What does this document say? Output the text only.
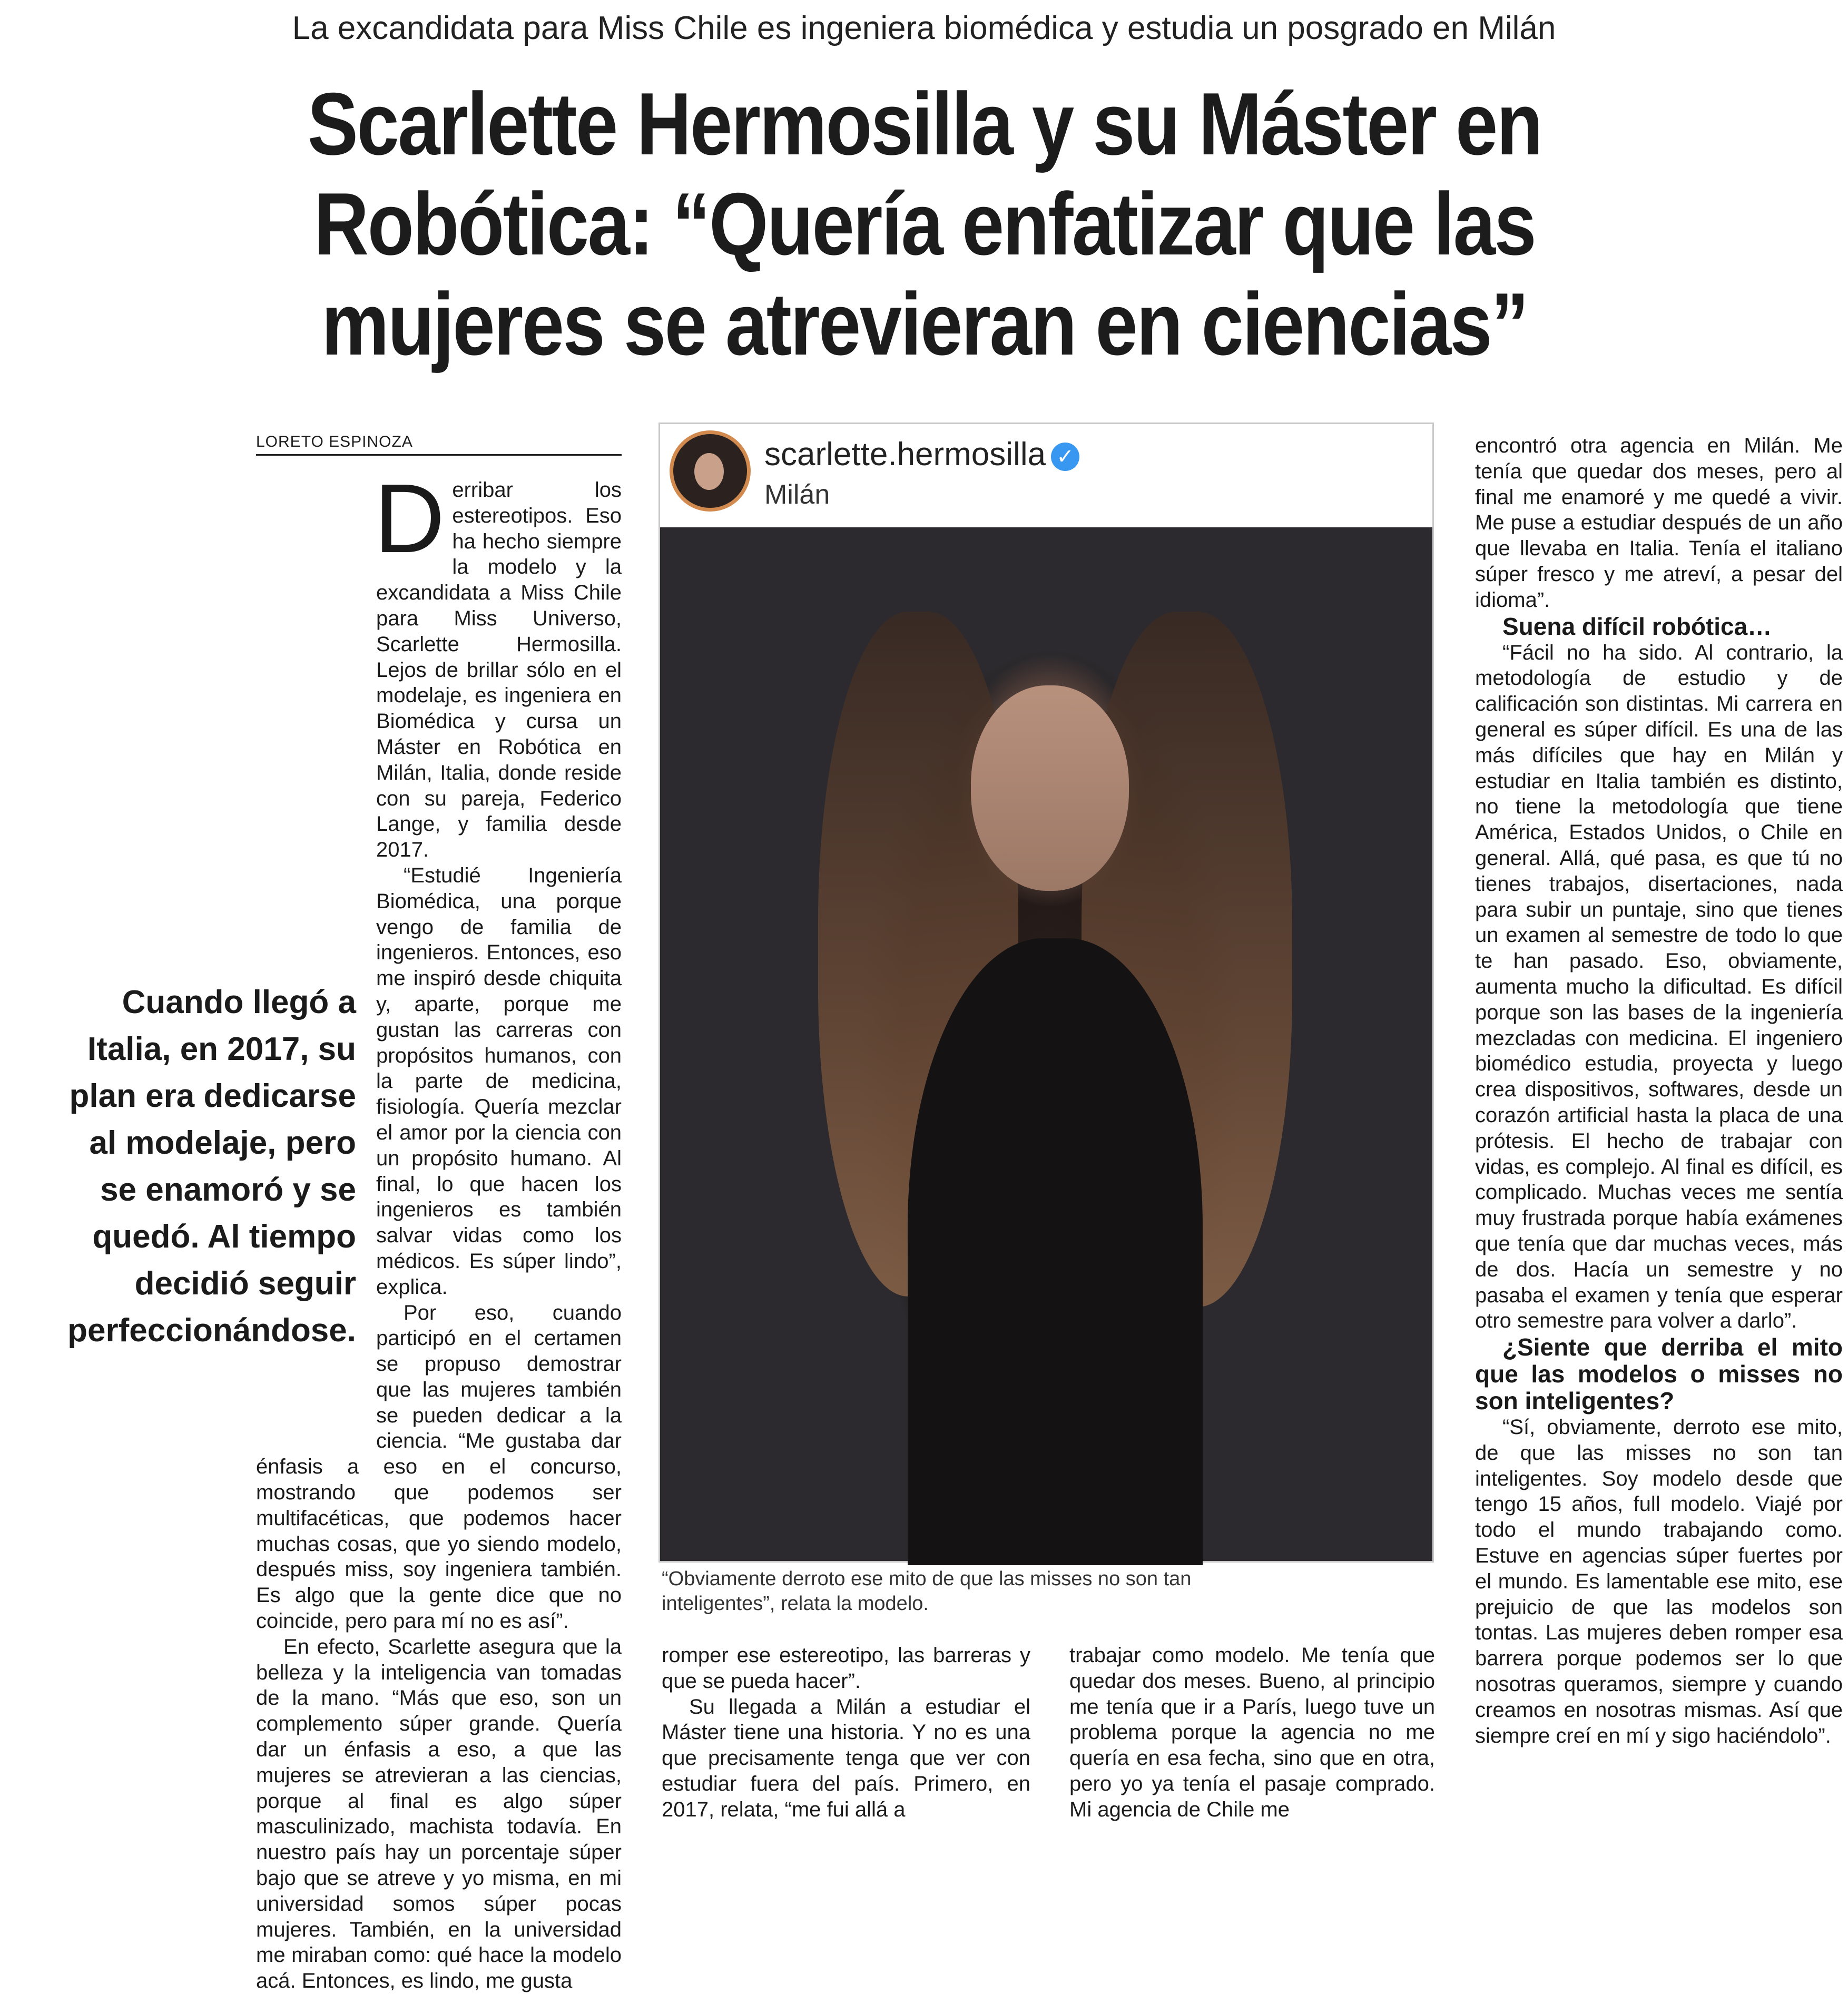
La excandidata para Miss Chile es ingeniera biomédica y estudia un posgrado en Milán
Scarlette Hermosilla y su Máster en
Robótica: “Quería enfatizar que las
mujeres se atrevieran en ciencias”
LORETO ESPINOZA

Derribar los estereotipos. Eso ha hecho siempre la modelo y la excandidata a Miss Chile para Miss Universo, Scarlette Hermosilla. Lejos de brillar sólo en el modelaje, es ingeniera en Biomédica y cursa un Máster en Robótica en Milán, Italia, donde reside con su pareja, Federico Lange, y familia desde 2017.

“Estudié Ingeniería Biomédica, una porque vengo de familia de ingenieros. Entonces, eso me inspiró desde chiquita y, aparte, porque me gustan las carreras con propósitos humanos, con la parte de medicina, fisiología. Quería mezclar el amor por la ciencia con un propósito humano. Al final, lo que hacen los ingenieros es también salvar vidas como los médicos. Es súper lindo”, explica.

Por eso, cuando participó en el certamen se propuso demostrar que las mujeres también se pueden dedicar a la ciencia. “Me gustaba dar énfasis a eso en el concurso, mostrando que podemos ser multifacéticas, que podemos hacer muchas cosas, que yo siendo modelo, después miss, soy ingeniera también. Es algo que la gente dice que no coincide, pero para mí no es así”.

En efecto, Scarlette asegura que la belleza y la inteligencia van tomadas de la mano. “Más que eso, son un complemento súper grande. Quería dar un énfasis a eso, a que las mujeres se atrevieran a las ciencias, porque al final es algo súper masculinizado, machista todavía. En nuestro país hay un porcentaje súper bajo que se atreve y yo misma, en mi universidad somos súper pocas mujeres. También, en la universidad me miraban como: qué hace la modelo acá. Entonces, es lindo, me gusta

Cuando llegó a Italia, en 2017, su plan era dedicarse al modelaje, pero se enamoró y se quedó. Al tiempo decidió seguir perfeccionándose.
scarlette.hermosilla ✓
Milán
“Obviamente derroto ese mito de que las misses no son tan inteligentes”, relata la modelo.

romper ese estereotipo, las barreras y que se pueda hacer”.

Su llegada a Milán a estudiar el Máster tiene una historia. Y no es una que precisamente tenga que ver con estudiar fuera del país. Primero, en 2017, relata, “me fui allá a

trabajar como modelo. Me tenía que quedar dos meses. Bueno, al principio me tenía que ir a París, luego tuve un problema porque la agencia no me quería en esa fecha, sino que en otra, pero yo ya tenía el pasaje comprado. Mi agencia de Chile me

encontró otra agencia en Milán. Me tenía que quedar dos meses, pero al final me enamoré y me quedé a vivir. Me puse a estudiar después de un año que llevaba en Italia. Tenía el italiano súper fresco y me atreví, a pesar del idioma”.

Suena difícil robótica…

“Fácil no ha sido. Al contrario, la metodología de estudio y de calificación son distintas. Mi carrera en general es súper difícil. Es una de las más difíciles que hay en Milán y estudiar en Italia también es distinto, no tiene la metodología que tiene América, Estados Unidos, o Chile en general. Allá, qué pasa, es que tú no tienes trabajos, disertaciones, nada para subir un puntaje, sino que tienes un examen al semestre de todo lo que te han pasado. Eso, obviamente, aumenta mucho la dificultad. Es difícil porque son las bases de la ingeniería mezcladas con medicina. El ingeniero biomédico estudia, proyecta y luego crea dispositivos, softwares, desde un corazón artificial hasta la placa de una prótesis. El hecho de trabajar con vidas, es complejo. Al final es difícil, es complicado. Muchas veces me sentía muy frustrada porque había exámenes que tenía que dar muchas veces, más de dos. Hacía un semestre y no pasaba el examen y tenía que esperar otro semestre para volver a darlo”.

¿Siente que derriba el mito que las modelos o misses no son inteligentes?

“Sí, obviamente, derroto ese mito, de que las misses no son tan inteligentes. Soy modelo desde que tengo 15 años, full modelo. Viajé por todo el mundo trabajando como. Estuve en agencias súper fuertes por el mundo. Es lamentable ese mito, ese prejuicio de que las modelos son tontas. Las mujeres deben romper esa barrera porque podemos ser lo que nosotras queramos, siempre y cuando creamos en nosotras mismas. Así que siempre creí en mí y sigo haciéndolo”.
